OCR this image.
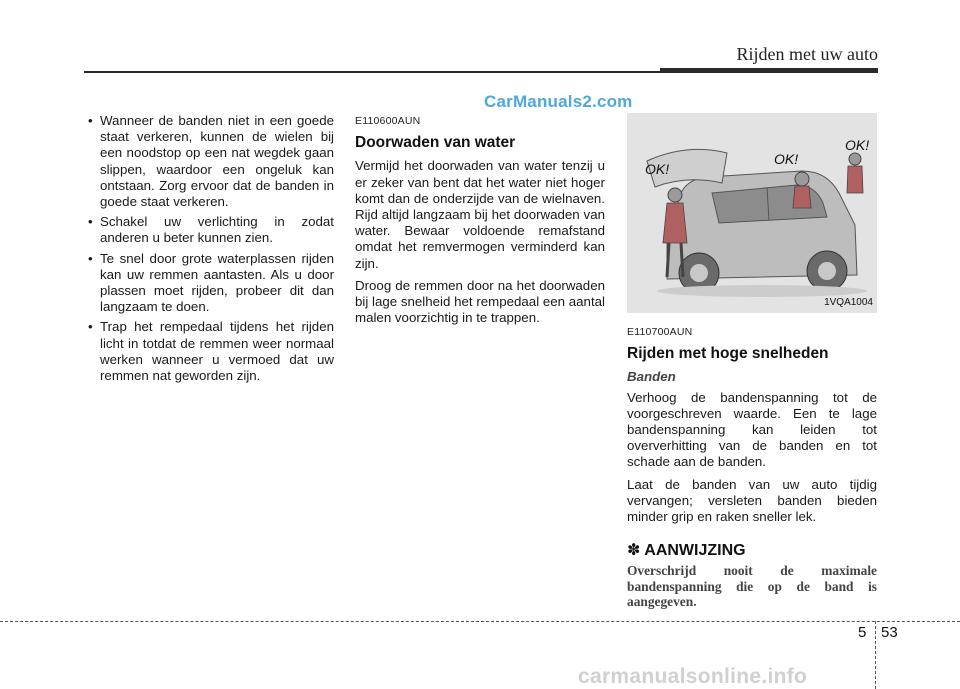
Rijden met uw auto
CarManuals2.com
• Wanneer de banden niet in een goede staat verkeren, kunnen de wielen bij een noodstop op een nat wegdek gaan slippen, waardoor een ongeluk kan ontstaan. Zorg ervoor dat de banden in goede staat verkeren.
• Schakel uw verlichting in zodat anderen u beter kunnen zien.
• Te snel door grote waterplassen rijden kan uw remmen aantasten. Als u door plassen moet rijden, probeer dit dan langzaam te doen.
• Trap het rempedaal tijdens het rijden licht in totdat de remmen weer normaal werken wanneer u vermoed dat uw remmen nat geworden zijn.
E110600AUN
Doorwaden van water

Vermijd het doorwaden van water tenzij u er zeker van bent dat het water niet hoger komt dan de onderzijde van de wielnaven. Rijd altijd langzaam bij het doorwaden van water. Bewaar voldoende remafstand omdat het remvermogen verminderd kan zijn.

Droog de remmen door na het doorwaden bij lage snelheid het rempedaal een aantal malen voorzichtig in te trappen.

OK!
OK!
OK!
1VQA1004
E110700AUN
Rijden met hoge snelheden
Banden

Verhoog de bandenspanning tot de voorgeschreven waarde. Een te lage bandenspanning kan leiden tot oververhitting van de banden en tot schade aan de banden.

Laat de banden van uw auto tijdig vervangen; versleten banden bieden minder grip en raken sneller lek.

✽ AANWIJZING

Overschrijd nooit de maximale bandenspanning die op de band is aangegeven.

5 53
carmanualsonline.info
